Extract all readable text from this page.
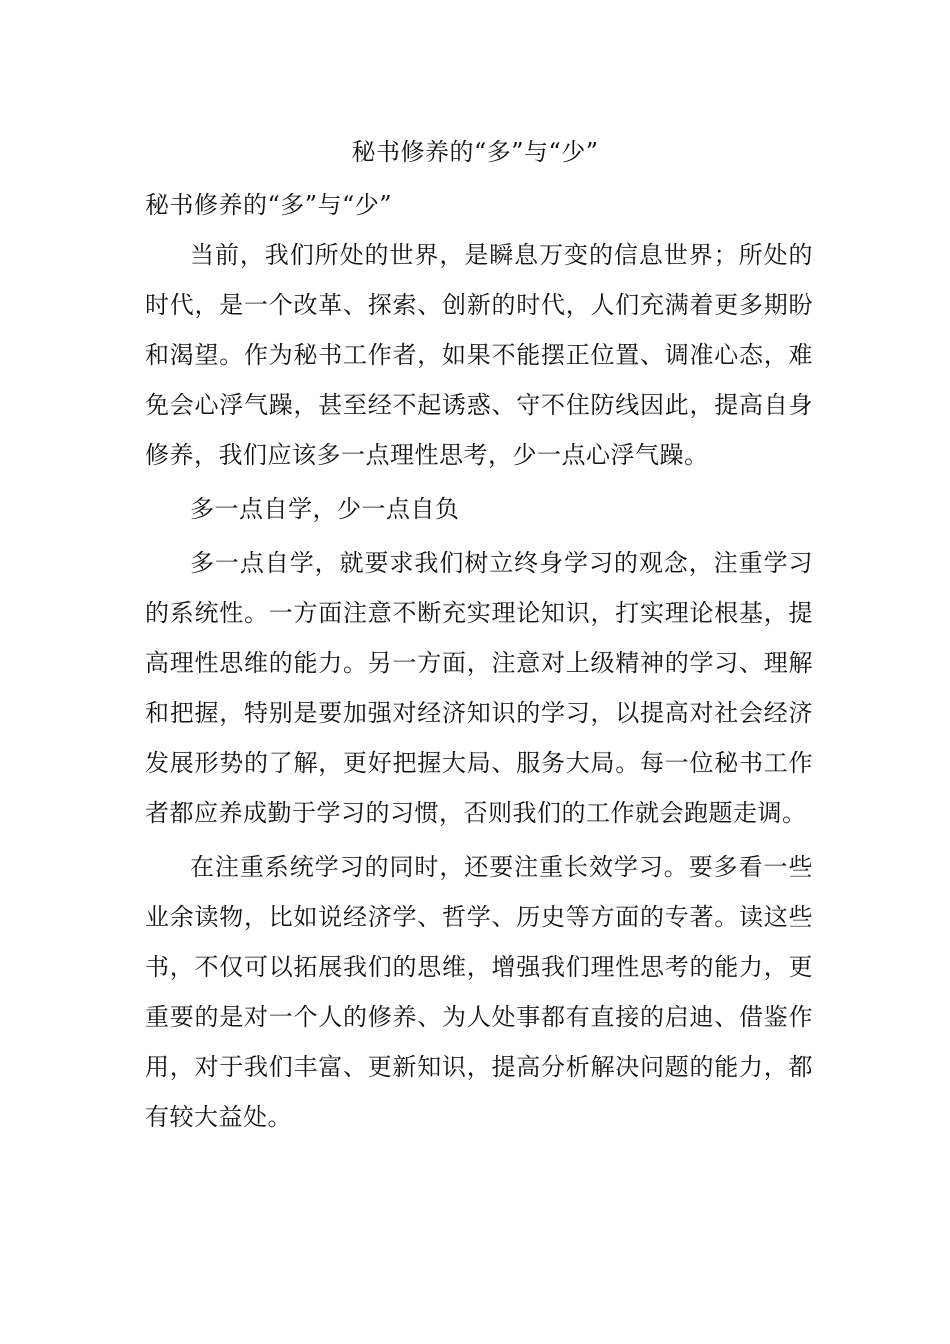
秘书修养的“多”与“少”

秘书修养的“多”与“少”

当前，我们所处的世界，是瞬息万变的信息世界；所处的时代，是一个改革、探索、创新的时代，人们充满着更多期盼和渴望。作为秘书工作者，如果不能摆正位置、调准心态，难免会心浮气躁，甚至经不起诱惑、守不住防线因此，提高自身修养，我们应该多一点理性思考，少一点心浮气躁。

多一点自学，少一点自负

多一点自学，就要求我们树立终身学习的观念，注重学习的系统性。一方面注意不断充实理论知识，打实理论根基，提高理性思维的能力。另一方面，注意对上级精神的学习、理解和把握，特别是要加强对经济知识的学习，以提高对社会经济发展形势的了解，更好把握大局、服务大局。每一位秘书工作者都应养成勤于学习的习惯，否则我们的工作就会跑题走调。

在注重系统学习的同时，还要注重长效学习。要多看一些业余读物，比如说经济学、哲学、历史等方面的专著。读这些书，不仅可以拓展我们的思维，增强我们理性思考的能力，更重要的是对一个人的修养、为人处事都有直接的启迪、借鉴作用，对于我们丰富、更新知识，提高分析解决问题的能力，都有较大益处。
